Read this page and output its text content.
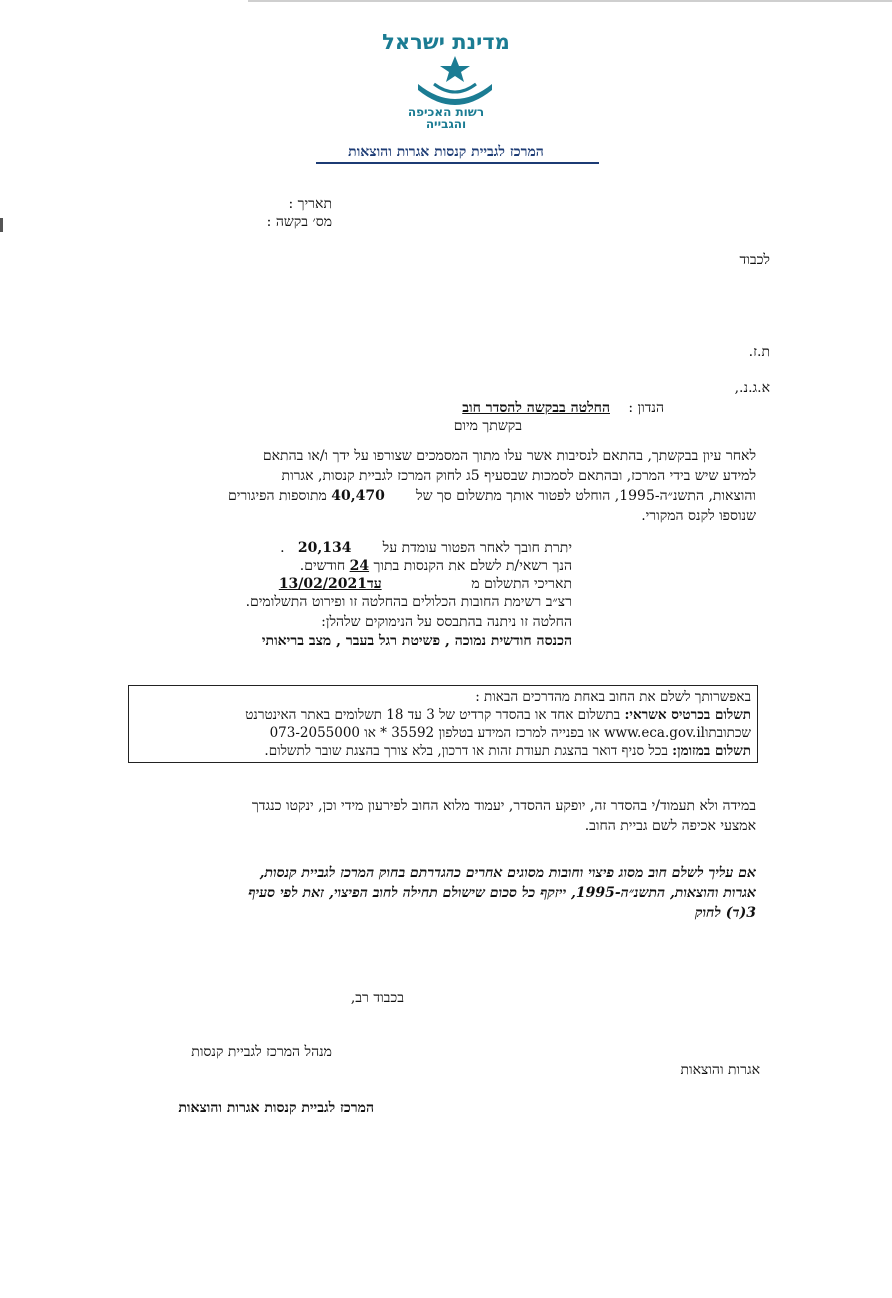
מדינת ישראל
רשות האכיפה
והגבייה
המרכז לגביית קנסות אגרות והוצאות
תאריך :
מס׳ בקשה :
לכבוד
ת.ז.
א.ג.נ.,
הנדון :
החלטה בבקשה להסדר חוב
בקשתך מיום
לאחר עיון בבקשתך, בהתאם לנסיבות אשר עלו מתוך המסמכים שצורפו על ידך ו/או בהתאם
למידע שיש בידי המרכז, ובהתאם לסמכות שבסעיף 5ג לחוק המרכז לגביית קנסות, אגרות
והוצאות, התשנ״ה-1995, הוחלט לפטור אותך מתשלום סך של       40,470 מתוספות הפיגורים
שנוספו לקנס המקורי.
יתרת חובך לאחר הפטור עומדת על       20,134   .
הנך רשאי/ת לשלם את הקנסות בתוך 24 חודשים.
תאריכי התשלום מ עד13/02/2021
רצ״ב רשימת החובות הכלולים בהחלטה זו ופירוט התשלומים.
החלטה זו ניתנה בהתבסס על הנימוקים שלהלן:
הכנסה חודשית נמוכה , פשיטת רגל בעבר , מצב בריאותי
באפשרותך לשלם את החוב באחת מהדרכים הבאות :
תשלום בכרטיס אשראי: בתשלום אחד או בהסדר קרדיט של 3 עד 18 תשלומים באתר האינטרנט
שכתובתוwww.eca.gov.il או בפנייה למרכז המידע בטלפון 35592 * או 073-2055000
תשלום במזומן: בכל סניף דואר בהצגת תעודת זהות או דרכון, בלא צורך בהצגת שובר לתשלום.
במידה ולא תעמוד/י בהסדר זה, יופקע ההסדר, יעמוד מלוא החוב לפירעון מידי וכן, ינקטו כנגדך
אמצעי אכיפה לשם גביית החוב.
אם עליך לשלם חוב מסוג פיצוי וחובות מסוגים אחרים כהגדרתם בחוק המרכז לגביית קנסות,
אגרות והוצאות, התשנ״ה-1995, ייזקף כל סכום שישולם תחילה לחוב הפיצוי, זאת לפי סעיף
3(ד) לחוק
בכבוד רב,
מנהל המרכז לגביית קנסות
אגרות והוצאות
המרכז לגביית קנסות אגרות והוצאות
